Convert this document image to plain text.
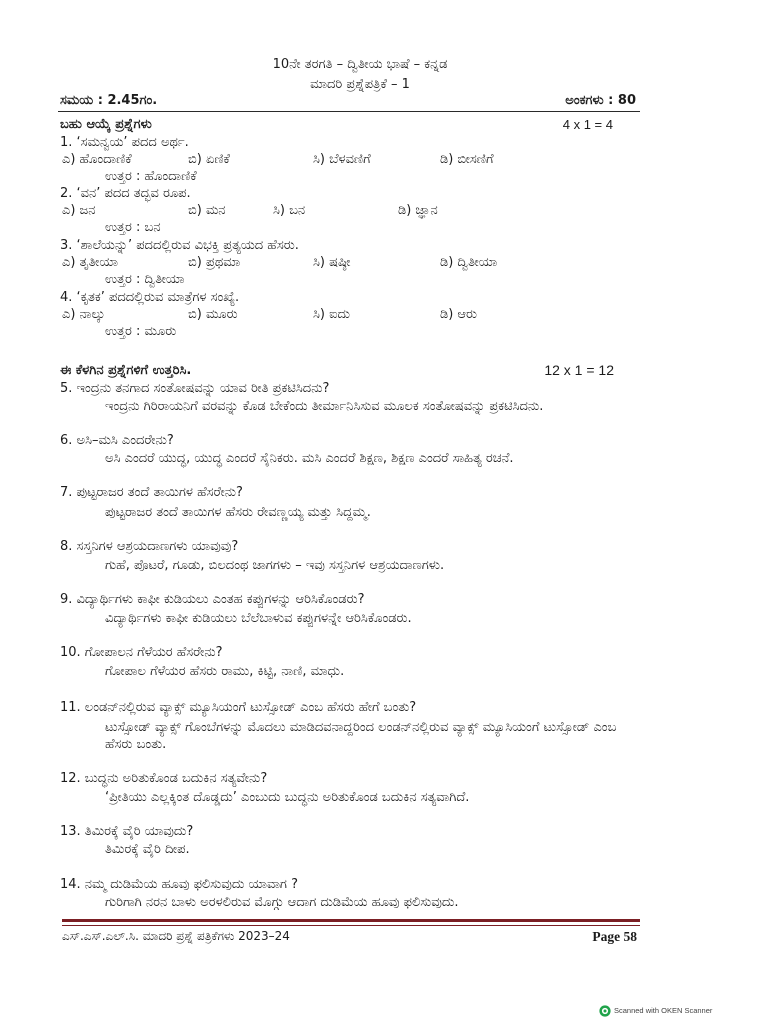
10ನೇ ತರಗತಿ – ದ್ವಿತೀಯ ಭಾಷೆ – ಕನ್ನಡ
ಮಾದರಿ ಪ್ರಶ್ನೆಪತ್ರಿಕೆ – 1
ಸಮಯ : 2.45ಗಂ.	ಅಂಕಗಳು : 80
ಬಹು ಆಯ್ಕೆ ಪ್ರಶ್ನೆಗಳು	4 x 1 = 4
1. ‘ಸಮನ್ವಯ’ ಪದದ ಅರ್ಥ.
ಎ) ಹೊಂದಾಣಿಕೆ	ಬಿ) ಏಣಿಕೆ	ಸಿ) ಬೆಳವಣಿಗೆ	ಡಿ) ಬೀಸಣಿಗೆ
ಉತ್ತರ : ಹೊಂದಾಣಿಕೆ
2. ‘ವನ’ ಪದದ ತದ್ಭವ ರೂಪ.
ಎ) ಜನ	ಬಿ) ಮನ	ಸಿ) ಬನ	ಡಿ) ಜ್ಞಾನ
ಉತ್ತರ : ಬನ
3. ‘ಶಾಲೆಯನ್ನು’ ಪದದಲ್ಲಿರುವ ವಿಭಕ್ತಿ ಪ್ರತ್ಯಯದ ಹೆಸರು.
ಎ) ತೃತೀಯಾ	ಬಿ) ಪ್ರಥಮಾ	ಸಿ) ಷಷ್ಠೀ	ಡಿ) ದ್ವಿತೀಯಾ
ಉತ್ತರ : ದ್ವಿತೀಯಾ
4. ‘ಕೃತಕ’ ಪದದಲ್ಲಿರುವ ಮಾತ್ರೆಗಳ ಸಂಖ್ಯೆ.
ಎ) ನಾಲ್ಕು	ಬಿ) ಮೂರು	ಸಿ) ಐದು	ಡಿ) ಆರು
ಉತ್ತರ : ಮೂರು
ಈ ಕೆಳಗಿನ ಪ್ರಶ್ನೆಗಳಿಗೆ ಉತ್ತರಿಸಿ.	12 x 1 = 12
5. ಇಂದ್ರನು ತನಗಾದ ಸಂತೋಷವನ್ನು ಯಾವ ರೀತಿ ಪ್ರಕಟಿಸಿದನು?
ಇಂದ್ರನು ಗಿರಿರಾಯನಿಗೆ ವರವನ್ನು ಕೊಡ ಬೇಕೆಂದು ತೀರ್ಮಾನಿಸಿಸುವ ಮೂಲಕ ಸಂತೋಷವನ್ನು ಪ್ರಕಟಿಸಿದನು.
6. ಅಸಿ–ಮಸಿ ಎಂದರೇನು?
ಅಸಿ ಎಂದರೆ ಯುದ್ಧ, ಯುದ್ಧ ಎಂದರೆ ಸೈನಿಕರು. ಮಸಿ ಎಂದರೆ ಶಿಕ್ಷಣ, ಶಿಕ್ಷಣ ಎಂದರೆ ಸಾಹಿತ್ಯ ರಚನೆ.
7. ಪುಟ್ಟರಾಜರ ತಂದೆ ತಾಯಿಗಳ ಹೆಸರೇನು?
ಪುಟ್ಟರಾಜರ ತಂದೆ ತಾಯಿಗಳ ಹೆಸರು ರೇವಣ್ಣಯ್ಯ ಮತ್ತು ಸಿದ್ದಮ್ಮ.
8. ಸಸ್ತನಿಗಳ ಆಶ್ರಯದಾಣಗಳು ಯಾವುವು?
ಗುಹೆ, ಪೊಟರೆ, ಗೂಡು, ಬಿಲದಂಥ ಜಾಗಗಳು – ಇವು ಸಸ್ತನಿಗಳ ಆಶ್ರಯದಾಣಗಳು.
9. ವಿದ್ಯಾರ್ಥಿಗಳು ಕಾಫೀ ಕುಡಿಯಲು ಎಂತಹ ಕಪ್ಪುಗಳನ್ನು ಆರಿಸಿಕೊಂಡರು?
ವಿದ್ಯಾರ್ಥಿಗಳು ಕಾಫೀ ಕುಡಿಯಲು ಬೆಲೆಬಾಳುವ ಕಪ್ಪುಗಳನ್ನೇ ಆರಿಸಿಕೊಂಡರು.
10. ಗೋಪಾಲನ ಗೆಳೆಯರ ಹೆಸರೇನು?
ಗೋಪಾಲ ಗೆಳೆಯರ ಹೆಸರು ರಾಮು, ಕಿಟ್ಟಿ, ನಾಣಿ, ಮಾಧು.
11. ಲಂಡನ್‌ನಲ್ಲಿರುವ ವ್ಯಾಕ್ಸ್ ಮ್ಯೂಸಿಯಂಗೆ ಟುಸ್ಸೋಡ್ ಎಂಬ ಹೆಸರು ಹೇಗೆ ಬಂತು?
ಟುಸ್ಸೋಡ್ ವ್ಯಾಕ್ಸ್ ಗೊಂಬೆಗಳನ್ನು ಮೊದಲು ಮಾಡಿದವನಾದ್ದರಿಂದ ಲಂಡನ್‌ನಲ್ಲಿರುವ ವ್ಯಾಕ್ಸ್ ಮ್ಯೂಸಿಯಂಗೆ ಟುಸ್ಸೋಡ್ ಎಂಬ ಹೆಸರು ಬಂತು.
12. ಬುದ್ಧನು ಅರಿತುಕೊಂಡ ಬದುಕಿನ ಸತ್ಯವೇನು?
‘ಪ್ರೀತಿಯು ಎಲ್ಲಕ್ಕಿಂತ ದೊಡ್ಡದು’ ಎಂಬುದು ಬುದ್ಧನು ಅರಿತುಕೊಂಡ ಬದುಕಿನ ಸತ್ಯವಾಗಿದೆ.
13. ತಿಮಿರಕ್ಕೆ ವೈರಿ ಯಾವುದು?
ತಿಮಿರಕ್ಕೆ ವೈರಿ ದೀಪ.
14. ನಮ್ಮ ದುಡಿಮೆಯ ಹೂವು ಫಲಿಸುವುದು ಯಾವಾಗ ?
ಗುರಿಗಾಗಿ ನರನ ಬಾಳು ಅರಳಲಿರುವ ಮೊಗ್ಗು ಆದಾಗ ದುಡಿಮೆಯ ಹೂವು ಫಲಿಸುವುದು.
ಎಸ್.ಎಸ್.ಎಲ್.ಸಿ. ಮಾದರಿ ಪ್ರಶ್ನೆ ಪತ್ರಿಕೆಗಳು 2023–24	Page 58
Scanned with OKEN Scanner
